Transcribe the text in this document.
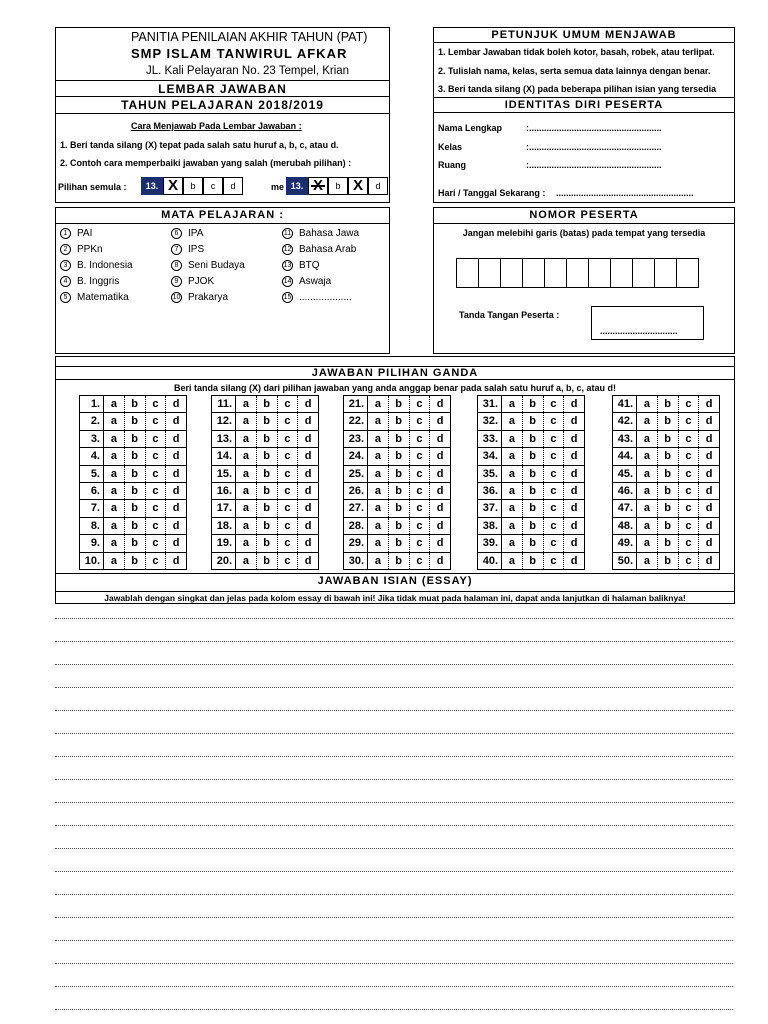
PANITIA PENILAIAN AKHIR TAHUN (PAT)
SMP ISLAM TANWIRUL AFKAR
JL. Kali Pelayaran No. 23 Tempel, Krian
LEMBAR JAWABAN
TAHUN PELAJARAN 2018/2019
Cara Menjawab Pada Lembar Jawaban :
1. Beri tanda silang (X) tepat pada salah satu huruf a, b, c, atau d.
2. Contoh cara memperbaiki jawaban yang salah (merubah pilihan) :
Pilihan semula :	13. X	b	c	d	me 13. X	b X	d
PETUNJUK UMUM MENJAWAB
1. Lembar Jawaban tidak boleh kotor, basah, robek, atau terlipat.
2. Tulislah nama, kelas, serta semua data lainnya dengan benar.
3. Beri tanda silang (X) pada beberapa pilihan isian yang tersedia
IDENTITAS DIRI PESERTA
Nama Lengkap	:.....................................................
Kelas	:.....................................................
Ruang	:.....................................................
Hari / Tanggal Sekarang : .......................................................
MATA PELAJARAN :
1 PAI
2 PPKn
3 B. Indonesia
4 B. Inggris
5 Matematika
6 IPA
7 IPS
8 Seni Budaya
9 PJOK
10 Prakarya
11 Bahasa Jawa
12 Bahasa Arab
13 BTQ
14 Aswaja
15 ...................
NOMOR PESERTA
Jangan melebihi garis (batas) pada tempat yang tersedia
Tanda Tangan Peserta :
...............................
JAWABAN PILIHAN GANDA
Beri tanda silang (X) dari pilihan jawaban yang anda anggap benar pada salah satu huruf a, b, c, atau d!
1. a	b	c	d
2. a	b	c	d
3. a	b	c	d
4. a	b	c	d
5. a	b	c	d
6. a	b	c	d
7. a	b	c	d
8. a	b	c	d
9. a	b	c	d
10. a	b	c	d
11. a	b	c	d
12. a	b	c	d
13. a	b	c	d
14. a	b	c	d
15. a	b	c	d
16. a	b	c	d
17. a	b	c	d
18. a	b	c	d
19. a	b	c	d
20. a	b	c	d
21. a	b	c	d
22. a	b	c	d
23. a	b	c	d
24. a	b	c	d
25. a	b	c	d
26. a	b	c	d
27. a	b	c	d
28. a	b	c	d
29. a	b	c	d
30. a	b	c	d
31. a	b	c	d
32. a	b	c	d
33. a	b	c	d
34. a	b	c	d
35. a	b	c	d
36. a	b	c	d
37. a	b	c	d
38. a	b	c	d
39. a	b	c	d
40. a	b	c	d
41. a	b	c	d
42. a	b	c	d
43. a	b	c	d
44. a	b	c	d
45. a	b	c	d
46. a	b	c	d
47. a	b	c	d
48. a	b	c	d
49. a	b	c	d
50. a	b	c	d
JAWABAN ISIAN (ESSAY)
Jawablah dengan singkat dan jelas pada kolom essay di bawah ini! Jika tidak muat pada halaman ini, dapat anda lanjutkan di halaman baliknya!
